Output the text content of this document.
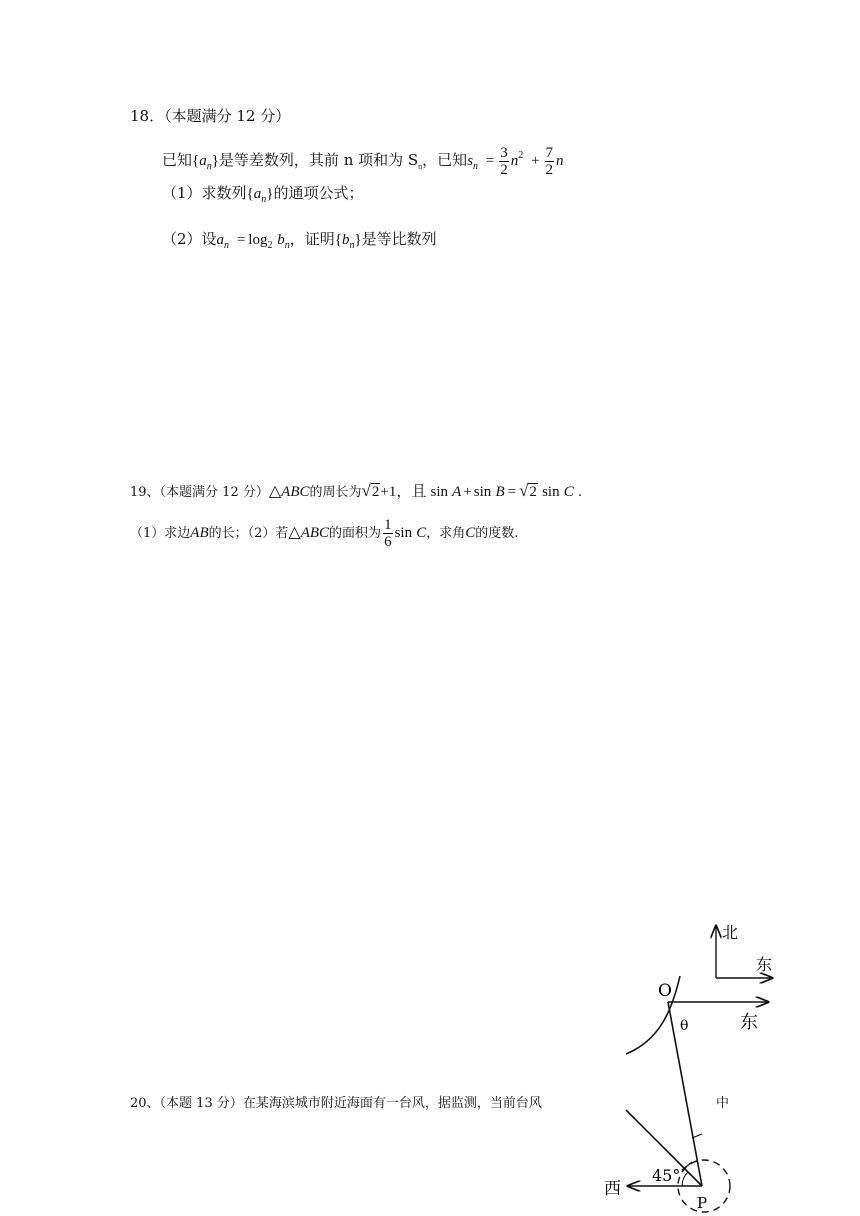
18．（本题满分 12 分）
已知$\{a_n\}$是等差数列，其前 n 项和为 $S_n$，已知$s_n = \frac{3}{2} n^2 + \frac{7}{2}$ n
（1）求数列$\{a_n\}$的通项公式；
（2）设$a_n = \log_2 b_n$，证明$\{b_n\}$是等比数列
19、（本题满分 12 分）△ABC的周长为√2+1，且 sin A + sin B = √2 sin C .
（1）求边AB的长；（2）若△ABC的面积为 $\frac{1}{6}$ sin C，求角C的度数.
20、（本题 13 分）在某海滨城市附近海面有一台风，据监测，当前台风	中
北
东
O
东
θ
西
45°
P
